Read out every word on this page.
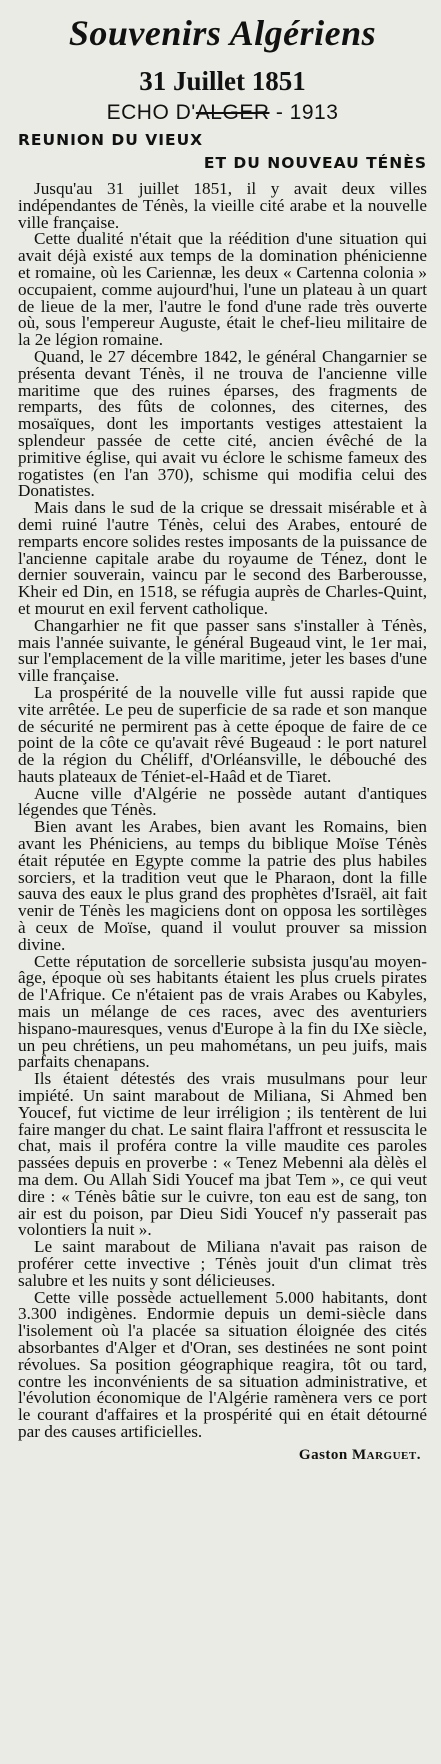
Souvenirs Algériens
31 Juillet 1851
ECHO D'ALGER - 1913
REUNION DU VIEUX
ET DU NOUVEAU TÉNÈS

Jusqu'au 31 juillet 1851, il y avait deux villes indépendantes de Ténès, la vieille cité arabe et la nouvelle ville française.

Cette dualité n'était que la réédition d'une situation qui avait déjà existé aux temps de la domination phénicienne et romaine, où les Cariennæ, les deux « Cartenna colonia » occupaient, comme aujourd'hui, l'une un plateau à un quart de lieue de la mer, l'autre le fond d'une rade très ouverte où, sous l'empereur Auguste, était le chef-lieu militaire de la 2e légion romaine.

Quand, le 27 décembre 1842, le général Changarnier se présenta devant Ténès, il ne trouva de l'ancienne ville maritime que des ruines éparses, des fragments de remparts, des fûts de colonnes, des citernes, des mosaïques, dont les importants vestiges attestaient la splendeur passée de cette cité, ancien évêché de la primitive église, qui avait vu éclore le schisme fameux des rogatistes (en l'an 370), schisme qui modifia celui des Donatistes.

Mais dans le sud de la crique se dressait misérable et à demi ruiné l'autre Ténès, celui des Arabes, entouré de remparts encore solides restes imposants de la puissance de l'ancienne capitale arabe du royaume de Ténez, dont le dernier souverain, vaincu par le second des Barberousse, Kheir ed Din, en 1518, se réfugia auprès de Charles-Quint, et mourut en exil fervent catholique.

Changarhier ne fit que passer sans s'installer à Ténès, mais l'année suivante, le général Bugeaud vint, le 1er mai, sur l'emplacement de la ville maritime, jeter les bases d'une ville française.

La prospérité de la nouvelle ville fut aussi rapide que vite arrêtée. Le peu de superficie de sa rade et son manque de sécurité ne permirent pas à cette époque de faire de ce point de la côte ce qu'avait rêvé Bugeaud : le port naturel de la région du Chéliff, d'Orléansville, le débouché des hauts plateaux de Téniet-el-Haâd et de Tiaret.

Aucne ville d'Algérie ne possède autant d'antiques légendes que Ténès.

Bien avant les Arabes, bien avant les Romains, bien avant les Phéniciens, au temps du biblique Moïse Ténès était réputée en Egypte comme la patrie des plus habiles sorciers, et la tradition veut que le Pharaon, dont la fille sauva des eaux le plus grand des prophètes d'Israël, ait fait venir de Ténès les magiciens dont on opposa les sortilèges à ceux de Moïse, quand il voulut prouver sa mission divine.

Cette réputation de sorcellerie subsista jusqu'au moyen-âge, époque où ses habitants étaient les plus cruels pirates de l'Afrique. Ce n'étaient pas de vrais Arabes ou Kabyles, mais un mélange de ces races, avec des aventuriers hispano-mauresques, venus d'Europe à la fin du IXe siècle, un peu chrétiens, un peu mahométans, un peu juifs, mais parfaits chenapans.

Ils étaient détestés des vrais musulmans pour leur impiété. Un saint marabout de Miliana, Si Ahmed ben Youcef, fut victime de leur irréligion ; ils tentèrent de lui faire manger du chat. Le saint flaira l'affront et ressuscita le chat, mais il proféra contre la ville maudite ces paroles passées depuis en proverbe : « Tenez Mebenni ala dèlès el ma dem. Ou Allah Sidi Youcef ma jbat Tem », ce qui veut dire : « Ténès bâtie sur le cuivre, ton eau est de sang, ton air est du poison, par Dieu Sidi Youcef n'y passerait pas volontiers la nuit ».

Le saint marabout de Miliana n'avait pas raison de proférer cette invective ; Ténès jouit d'un climat très salubre et les nuits y sont délicieuses.

Cette ville possède actuellement 5.000 habitants, dont 3.300 indigènes. Endormie depuis un demi-siècle dans l'isolement où l'a placée sa situation éloignée des cités absorbantes d'Alger et d'Oran, ses destinées ne sont point révolues. Sa position géographique reagira, tôt ou tard, contre les inconvénients de sa situation administrative, et l'évolution économique de l'Algérie ramènera vers ce port le courant d'affaires et la prospérité qui en était détourné par des causes artificielles.

Gaston Marguet.
